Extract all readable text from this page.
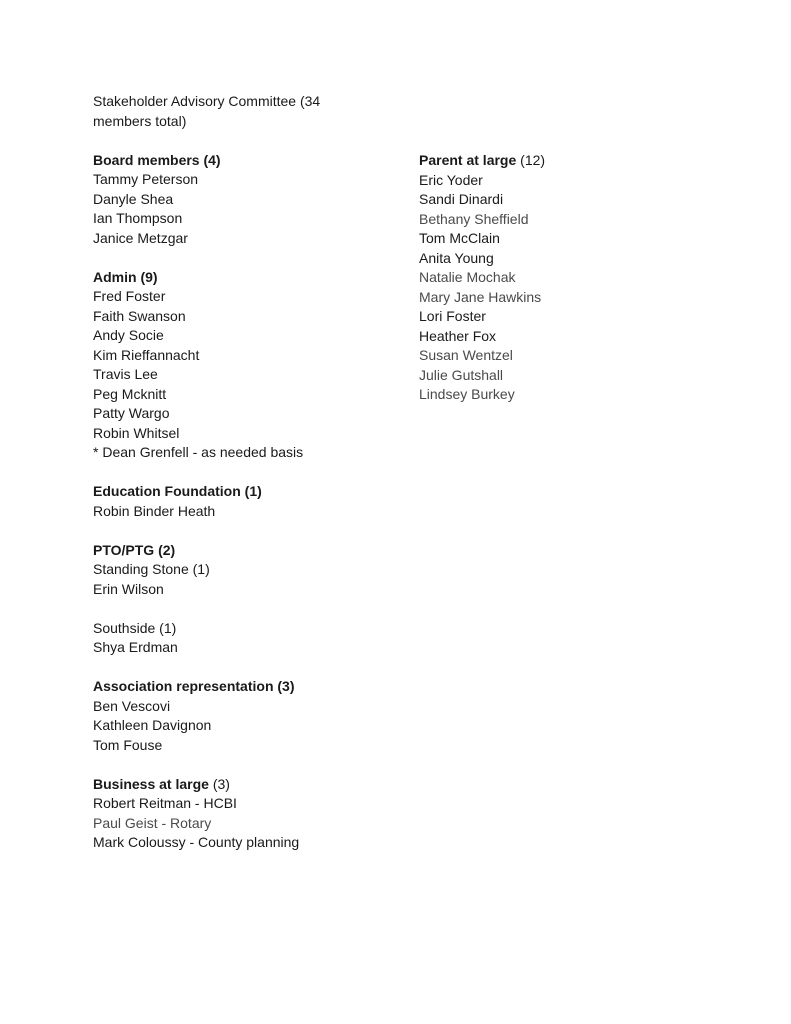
Stakeholder Advisory Committee (34 members total)

Board members (4)

Tammy Peterson
Danyle Shea
Ian Thompson
Janice Metzgar

Admin (9)

Fred Foster
Faith Swanson
Andy Socie
Kim Rieffannacht
Travis Lee
Peg Mcknitt
Patty Wargo
Robin Whitsel
* Dean Grenfell - as needed basis

Education Foundation (1)

Robin Binder Heath

PTO/PTG (2)

Standing Stone (1)
Erin Wilson
Southside (1)
Shya Erdman

Association representation (3)

Ben Vescovi
Kathleen Davignon
Tom Fouse

Business at large (3)

Robert Reitman - HCBI
Paul Geist - Rotary
Mark Coloussy - County planning

Parent at large (12)

Eric Yoder
Sandi Dinardi
Bethany Sheffield
Tom McClain
Anita Young
Natalie Mochak
Mary Jane Hawkins
Lori Foster
Heather Fox
Susan Wentzel
Julie Gutshall
Lindsey Burkey
